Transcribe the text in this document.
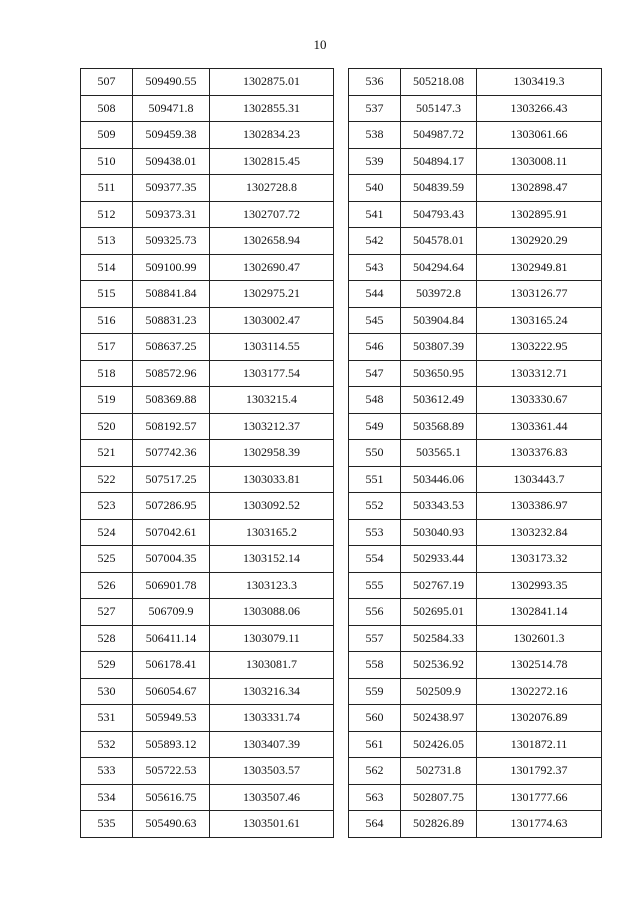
10
507	509490.55	1302875.01
508	509471.8	1302855.31
509	509459.38	1302834.23
510	509438.01	1302815.45
511	509377.35	1302728.8
512	509373.31	1302707.72
513	509325.73	1302658.94
514	509100.99	1302690.47
515	508841.84	1302975.21
516	508831.23	1303002.47
517	508637.25	1303114.55
518	508572.96	1303177.54
519	508369.88	1303215.4
520	508192.57	1303212.37
521	507742.36	1302958.39
522	507517.25	1303033.81
523	507286.95	1303092.52
524	507042.61	1303165.2
525	507004.35	1303152.14
526	506901.78	1303123.3
527	506709.9	1303088.06
528	506411.14	1303079.11
529	506178.41	1303081.7
530	506054.67	1303216.34
531	505949.53	1303331.74
532	505893.12	1303407.39
533	505722.53	1303503.57
534	505616.75	1303507.46
535	505490.63	1303501.61
536	505218.08	1303419.3
537	505147.3	1303266.43
538	504987.72	1303061.66
539	504894.17	1303008.11
540	504839.59	1302898.47
541	504793.43	1302895.91
542	504578.01	1302920.29
543	504294.64	1302949.81
544	503972.8	1303126.77
545	503904.84	1303165.24
546	503807.39	1303222.95
547	503650.95	1303312.71
548	503612.49	1303330.67
549	503568.89	1303361.44
550	503565.1	1303376.83
551	503446.06	1303443.7
552	503343.53	1303386.97
553	503040.93	1303232.84
554	502933.44	1303173.32
555	502767.19	1302993.35
556	502695.01	1302841.14
557	502584.33	1302601.3
558	502536.92	1302514.78
559	502509.9	1302272.16
560	502438.97	1302076.89
561	502426.05	1301872.11
562	502731.8	1301792.37
563	502807.75	1301777.66
564	502826.89	1301774.63
